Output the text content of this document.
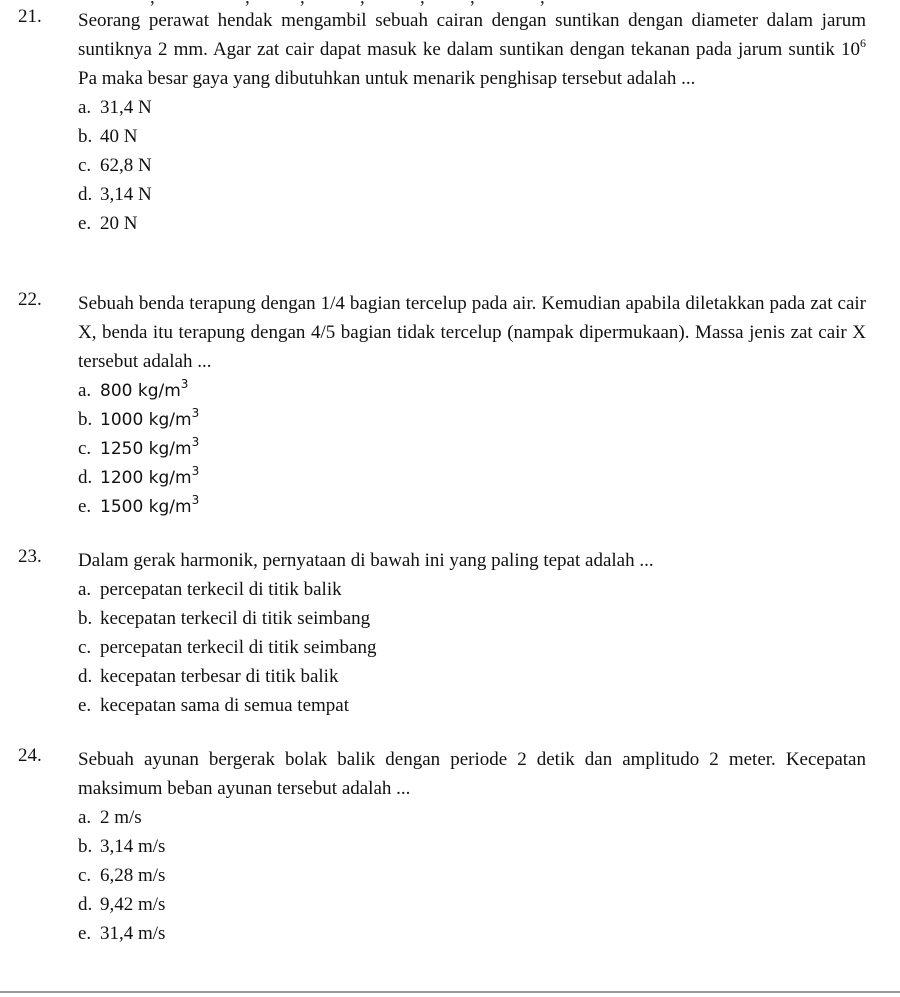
21. Seorang perawat hendak mengambil sebuah cairan dengan suntikan dengan diameter dalam jarum suntiknya 2 mm. Agar zat cair dapat masuk ke dalam suntikan dengan tekanan pada jarum suntik $10^6$ Pa maka besar gaya yang dibutuhkan untuk menarik penghisap tersebut adalah ...
a. 31,4 N
b. 40 N
c. 62,8 N
d. 3,14 N
e. 20 N
22. Sebuah benda terapung dengan 1/4 bagian tercelup pada air. Kemudian apabila diletakkan pada zat cair X, benda itu terapung dengan 4/5 bagian tidak tercelup (nampak dipermukaan). Massa jenis zat cair X tersebut adalah ...
a. 800 $kg/m^3$
b. 1000 $kg/m^3$
c. 1250 $kg/m^3$
d. 1200 $kg/m^3$
e. 1500 $kg/m^3$
23. Dalam gerak harmonik, pernyataan di bawah ini yang paling tepat adalah ...
a. percepatan terkecil di titik balik
b. kecepatan terkecil di titik seimbang
c. percepatan terkecil di titik seimbang
d. kecepatan terbesar di titik balik
e. kecepatan sama di semua tempat
24. Sebuah ayunan bergerak bolak balik dengan periode 2 detik dan amplitudo 2 meter. Kecepatan maksimum beban ayunan tersebut adalah ...
a. 2 m/s
b. 3,14 m/s
c. 6,28 m/s
d. 9,42 m/s
e. 31,4 m/s
